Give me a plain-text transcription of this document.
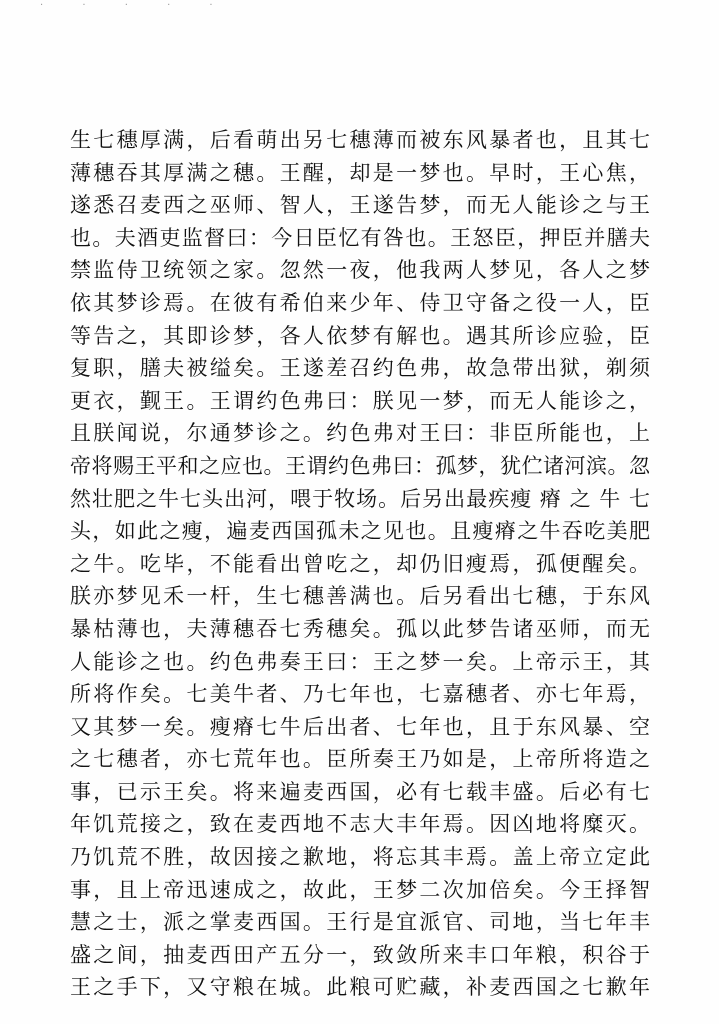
· · · · ·
生七穗厚满，后看萌出另七穗薄而被东风暴者也，且其七
薄穗吞其厚满之穗。王醒，却是一梦也。早时，王心焦，
遂悉召麦西之巫师、智人，王遂告梦，而无人能诊之与王
也。夫酒吏监督曰：今日臣忆有咎也。王怒臣，押臣并膳夫
禁监侍卫统领之家。忽然一夜，他我两人梦见，各人之梦
依其梦诊焉。在彼有希伯来少年、侍卫守备之役一人，臣
等告之，其即诊梦，各人依梦有解也。遇其所诊应验，臣
复职，膳夫被缢矣。王遂差召约色弗，故急带出狱，剃须
更衣，觐王。王谓约色弗曰：朕见一梦，而无人能诊之，
且朕闻说，尔通梦诊之。约色弗对王曰：非臣所能也，上
帝将赐王平和之应也。王谓约色弗曰：孤梦，犹伫诸河滨。忽
然壮肥之牛七头出河，喂于牧场。后另出最疾瘦 瘠 之 牛 七
头，如此之瘦，遍麦西国孤未之见也。且瘦瘠之牛吞吃美肥
之牛。吃毕，不能看出曾吃之，却仍旧瘦焉，孤便醒矣。
朕亦梦见禾一杆，生七穗善满也。后另看出七穗，于东风
暴枯薄也，夫薄穗吞七秀穗矣。孤以此梦告诸巫师，而无
人能诊之也。约色弗奏王曰：王之梦一矣。上帝示王，其
所将作矣。七美牛者、乃七年也，七嘉穗者、亦七年焉，
又其梦一矣。瘦瘠七牛后出者、七年也，且于东风暴、空
之七穗者，亦七荒年也。臣所奏王乃如是，上帝所将造之
事，已示王矣。将来遍麦西国，必有七载丰盛。后必有七
年饥荒接之，致在麦西地不志大丰年焉。因凶地将糜灭。
乃饥荒不胜，故因接之歉地，将忘其丰焉。盖上帝立定此
事，且上帝迅速成之，故此，王梦二次加倍矣。今王择智
慧之士，派之掌麦西国。王行是宜派官、司地，当七年丰
盛之间，抽麦西田产五分一，致敛所来丰口年粮，积谷于
王之手下，又守粮在城。此粮可贮藏，补麦西国之七歉年
